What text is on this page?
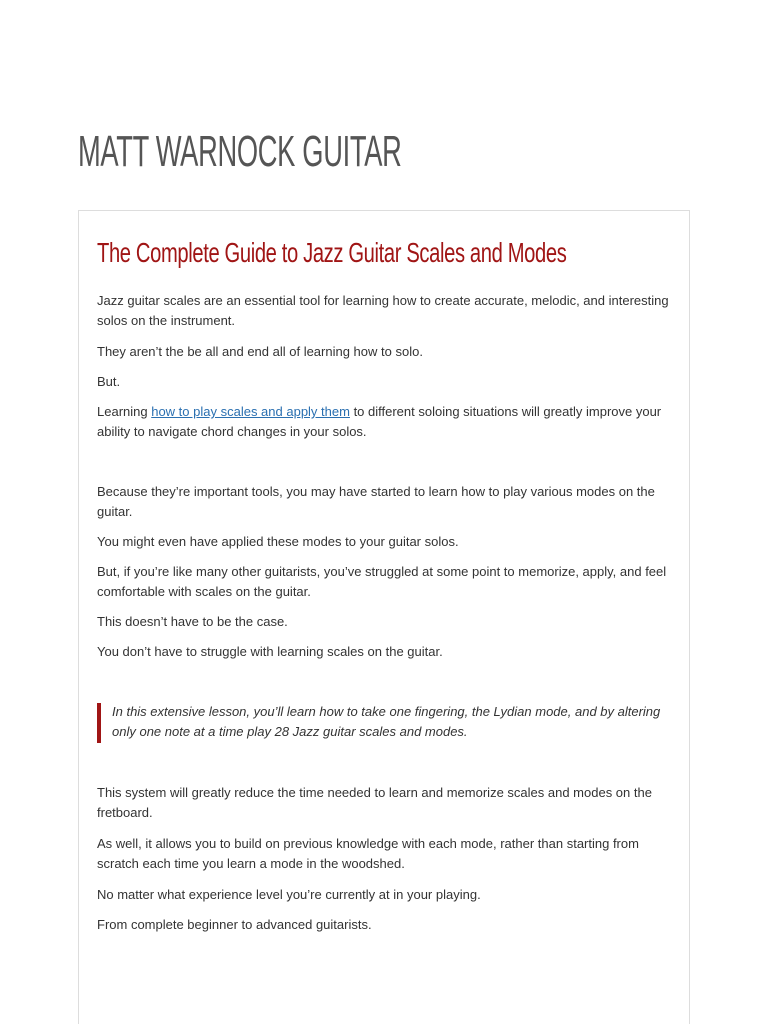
MATT WARNOCK GUITAR
The Complete Guide to Jazz Guitar Scales and Modes

Jazz guitar scales are an essential tool for learning how to create accurate, melodic, and interesting solos on the instrument.

They aren’t the be all and end all of learning how to solo.

But.

Learning how to play scales and apply them to different soloing situations will greatly improve your ability to navigate chord changes in your solos.

Because they’re important tools, you may have started to learn how to play various modes on the guitar.

You might even have applied these modes to your guitar solos.

But, if you’re like many other guitarists, you’ve struggled at some point to memorize, apply, and feel comfortable with scales on the guitar.

This doesn’t have to be the case.

You don’t have to struggle with learning scales on the guitar.

In this extensive lesson, you’ll learn how to take one fingering, the Lydian mode, and by altering only one note at a time play 28 Jazz guitar scales and modes.

This system will greatly reduce the time needed to learn and memorize scales and modes on the fretboard.

As well, it allows you to build on previous knowledge with each mode, rather than starting from scratch each time you learn a mode in the woodshed.

No matter what experience level you’re currently at in your playing.

From complete beginner to advanced guitarists.
